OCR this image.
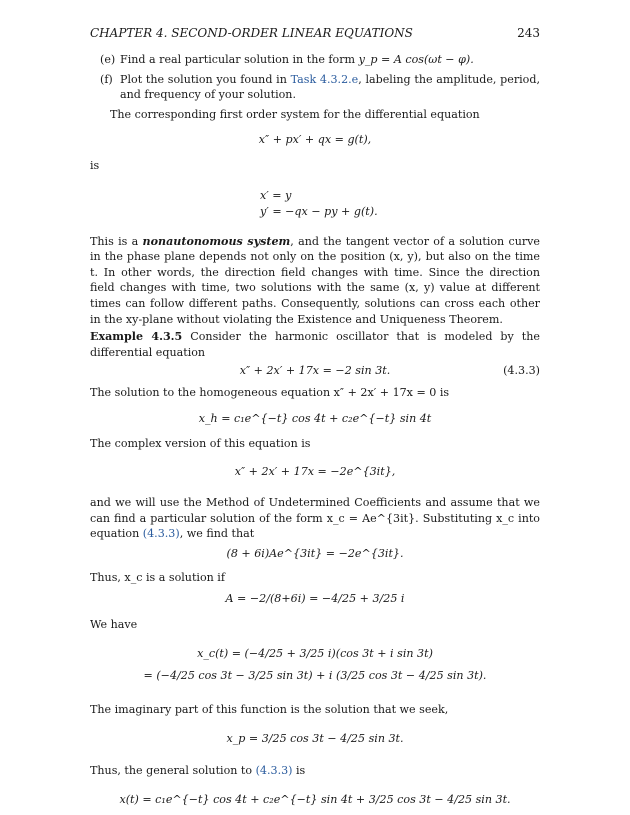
CHAPTER 4. SECOND-ORDER LINEAR EQUATIONS	243
(e) Find a real particular solution in the form y_p = A cos(ωt − φ).
(f) Plot the solution you found in Task 4.3.2.e, labeling the amplitude, period, and frequency of your solution.

The corresponding first order system for the differential equation

x″ + px′ + qx = g(t),

is

x′ = y
y′ = −qx − py + g(t).

This is a nonautonomous system, and the tangent vector of a solution curve in the phase plane depends not only on the position (x, y), but also on the time t. In other words, the direction field changes with time. Since the direction field changes with time, two solutions with the same (x, y) value at different times can follow different paths. Consequently, solutions can cross each other in the xy-plane without violating the Existence and Uniqueness Theorem.

Example 4.3.5 Consider the harmonic oscillator that is modeled by the differential equation

x″ + 2x′ + 17x = −2 sin 3t.	(4.3.3)

The solution to the homogeneous equation x″ + 2x′ + 17x = 0 is

x_h = c₁e^{−t} cos 4t + c₂e^{−t} sin 4t

The complex version of this equation is

x″ + 2x′ + 17x = −2e^{3it},

and we will use the Method of Undetermined Coefficients and assume that we can find a particular solution of the form x_c = Ae^{3it}. Substituting x_c into equation (4.3.3), we find that

(8 + 6i)Ae^{3it} = −2e^{3it}.

Thus, x_c is a solution if

A = −2/(8+6i) = −4/25 + 3/25 i

We have

x_c(t) = (−4/25 + 3/25 i)(cos 3t + i sin 3t)
= (−4/25 cos 3t − 3/25 sin 3t) + i (3/25 cos 3t − 4/25 sin 3t).

The imaginary part of this function is the solution that we seek,

x_p = 3/25 cos 3t − 4/25 sin 3t.

Thus, the general solution to (4.3.3) is

x(t) = c₁e^{−t} cos 4t + c₂e^{−t} sin 4t + 3/25 cos 3t − 4/25 sin 3t.
